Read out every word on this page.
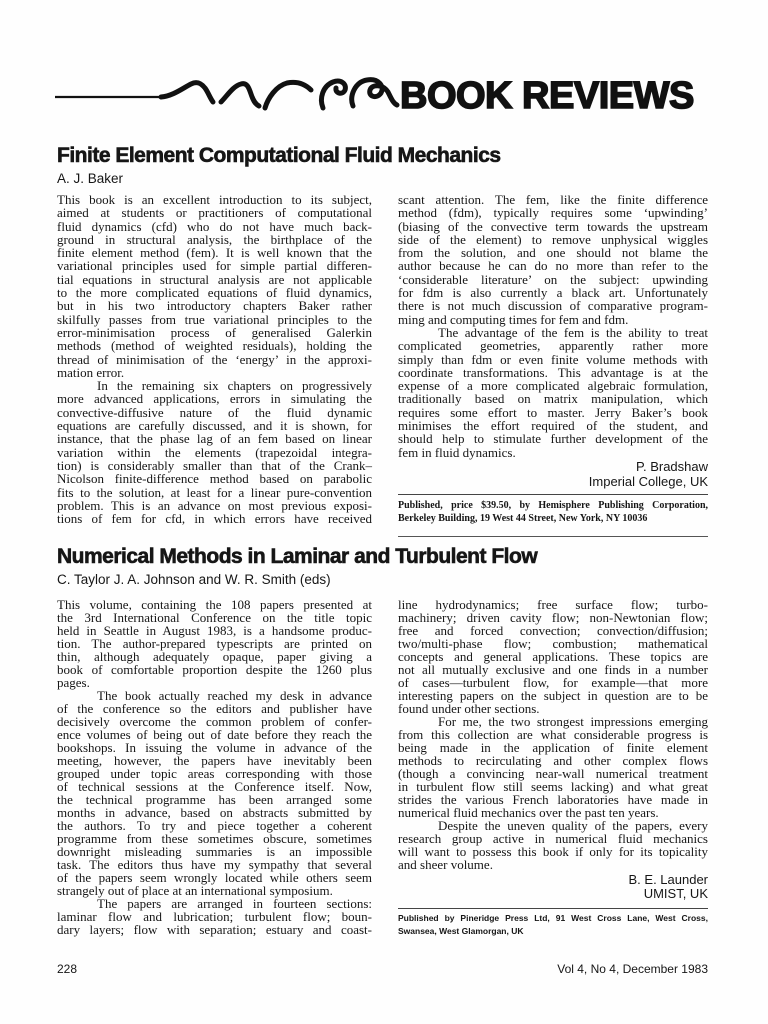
BOOK REVIEWS
Finite Element Computational Fluid Mechanics
A. J. Baker
This book is an excellent introduction to its subject,
aimed at students or practitioners of computational
fluid dynamics (cfd) who do not have much back-
ground in structural analysis, the birthplace of the
finite element method (fem). It is well known that the
variational principles used for simple partial differen-
tial equations in structural analysis are not applicable
to the more complicated equations of fluid dynamics,
but in his two introductory chapters Baker rather
skilfully passes from true variational principles to the
error-minimisation process of generalised Galerkin
methods (method of weighted residuals), holding the
thread of minimisation of the ‘energy’ in the approxi-
mation error.
In the remaining six chapters on progressively
more advanced applications, errors in simulating the
convective-diffusive nature of the fluid dynamic
equations are carefully discussed, and it is shown, for
instance, that the phase lag of an fem based on linear
variation within the elements (trapezoidal integra-
tion) is considerably smaller than that of the Crank–
Nicolson finite-difference method based on parabolic
fits to the solution, at least for a linear pure-convention
problem. This is an advance on most previous exposi-
tions of fem for cfd, in which errors have received
scant attention. The fem, like the finite difference
method (fdm), typically requires some ‘upwinding’
(biasing of the convective term towards the upstream
side of the element) to remove unphysical wiggles
from the solution, and one should not blame the
author because he can do no more than refer to the
‘considerable literature’ on the subject: upwinding
for fdm is also currently a black art. Unfortunately
there is not much discussion of comparative program-
ming and computing times for fem and fdm.
The advantage of the fem is the ability to treat
complicated geometries, apparently rather more
simply than fdm or even finite volume methods with
coordinate transformations. This advantage is at the
expense of a more complicated algebraic formulation,
traditionally based on matrix manipulation, which
requires some effort to master. Jerry Baker’s book
minimises the effort required of the student, and
should help to stimulate further development of the
fem in fluid dynamics.
P. Bradshaw
Imperial College, UK
Published, price $39.50, by Hemisphere Publishing Corporation,
Berkeley Building, 19 West 44 Street, New York, NY 10036
Numerical Methods in Laminar and Turbulent Flow
C. Taylor J. A. Johnson and W. R. Smith (eds)
This volume, containing the 108 papers presented at
the 3rd International Conference on the title topic
held in Seattle in August 1983, is a handsome produc-
tion. The author-prepared typescripts are printed on
thin, although adequately opaque, paper giving a
book of comfortable proportion despite the 1260 plus
pages.
The book actually reached my desk in advance
of the conference so the editors and publisher have
decisively overcome the common problem of confer-
ence volumes of being out of date before they reach the
bookshops. In issuing the volume in advance of the
meeting, however, the papers have inevitably been
grouped under topic areas corresponding with those
of technical sessions at the Conference itself. Now,
the technical programme has been arranged some
months in advance, based on abstracts submitted by
the authors. To try and piece together a coherent
programme from these sometimes obscure, sometimes
downright misleading summaries is an impossible
task. The editors thus have my sympathy that several
of the papers seem wrongly located while others seem
strangely out of place at an international symposium.
The papers are arranged in fourteen sections:
laminar flow and lubrication; turbulent flow; boun-
dary layers; flow with separation; estuary and coast-
line hydrodynamics; free surface flow; turbo-
machinery; driven cavity flow; non-Newtonian flow;
free and forced convection; convection/diffusion;
two/multi-phase flow; combustion; mathematical
concepts and general applications. These topics are
not all mutually exclusive and one finds in a number
of cases—turbulent flow, for example—that more
interesting papers on the subject in question are to be
found under other sections.
For me, the two strongest impressions emerging
from this collection are what considerable progress is
being made in the application of finite element
methods to recirculating and other complex flows
(though a convincing near-wall numerical treatment
in turbulent flow still seems lacking) and what great
strides the various French laboratories have made in
numerical fluid mechanics over the past ten years.
Despite the uneven quality of the papers, every
research group active in numerical fluid mechanics
will want to possess this book if only for its topicality
and sheer volume.
B. E. Launder
UMIST, UK
Published by Pineridge Press Ltd, 91 West Cross Lane, West Cross,
Swansea, West Glamorgan, UK
228	Vol 4, No 4, December 1983
